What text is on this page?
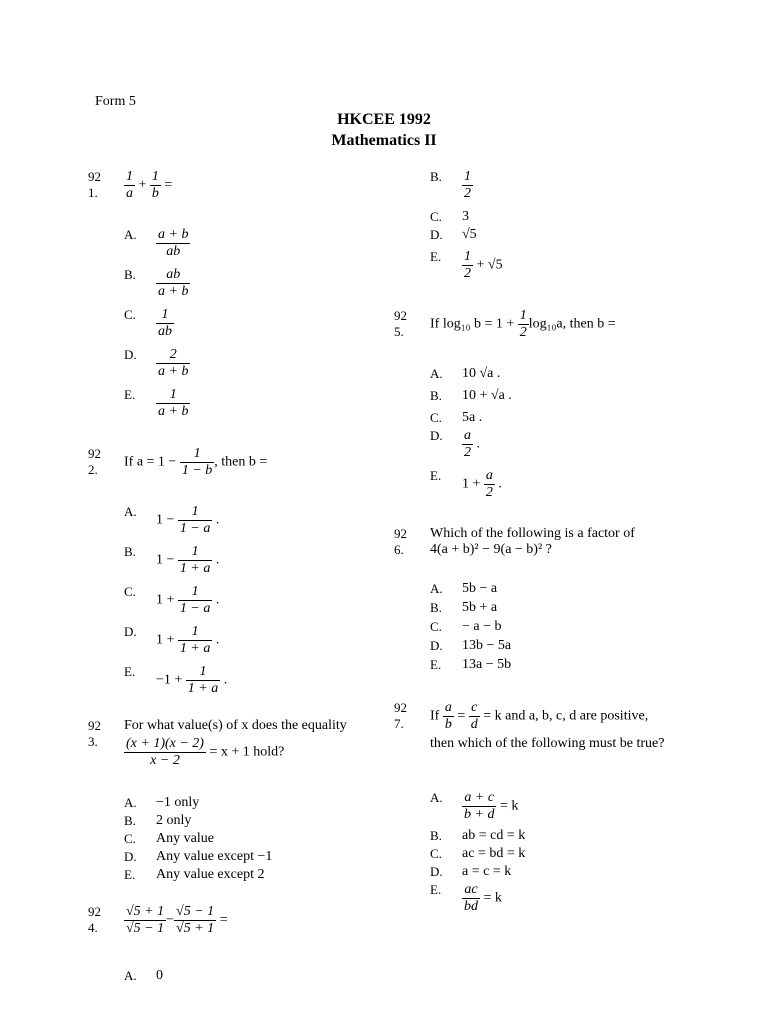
Form 5
HKCEE 1992
Mathematics II
92
1.	$\frac{1}{a} + \frac{1}{b}$ =
A.	$\frac{a + b}{ab}$
B.	$\frac{ab}{a + b}$
C.	$\frac{1}{ab}$
D.	$\frac{2}{a + b}$
E.	$\frac{1}{a + b}$
92
2.	If $a = 1 - \frac{1}{1 - b}$ , then b =
A.
$1 - \frac{1}{1 - a}$ .
B.
$1 - \frac{1}{1 + a}$ .
C.
$1 + \frac{1}{1 - a}$ .
D.
$1 + \frac{1}{1 + a}$ .
E.
$-1 + \frac{1}{1 + a}$ .
92
3.
For what value(s) of x does the equality
$\frac{(x + 1)(x - 2)}{x - 2} = x + 1$ hold?
A.	−1 only
B.	2 only
C.	Any value
D.	Any value except −1
E.	Any value except 2
92
4.	$\frac{√5 + 1}{√5 - 1} - \frac{√5 - 1}{√5 + 1}$ =
A.	0
B.	$\frac{1}{2}$
C.	3
D.	√5
E.	$\frac{1}{2} + √5$
92
5.	If log₁₀ $b = 1 + \frac{1}{2} \log_{10}a$, then b =
A.	10 √a .
B.	10 + √a .
C.	5a .
D.	$\frac{a}{2}$ .
E.
$1 + \frac{a}{2}$ .
92
6.
Which of the following is a factor of
4(a + b)² − 9(a − b)² ?
A.	5b − a
B.	5b + a
C.	− a − b
D.	13b − 5a
E.	13a − 5b
92
7.	If $\frac{a}{b} = \frac{c}{d} = k$ and a, b, c, d are positive,
then which of the following must be true?
A.	$\frac{a + c}{b + d} = k$
B.	ab = cd = k
C.	ac = bd = k
D.	a = c = k
E.	$\frac{ac}{bd} = k$
